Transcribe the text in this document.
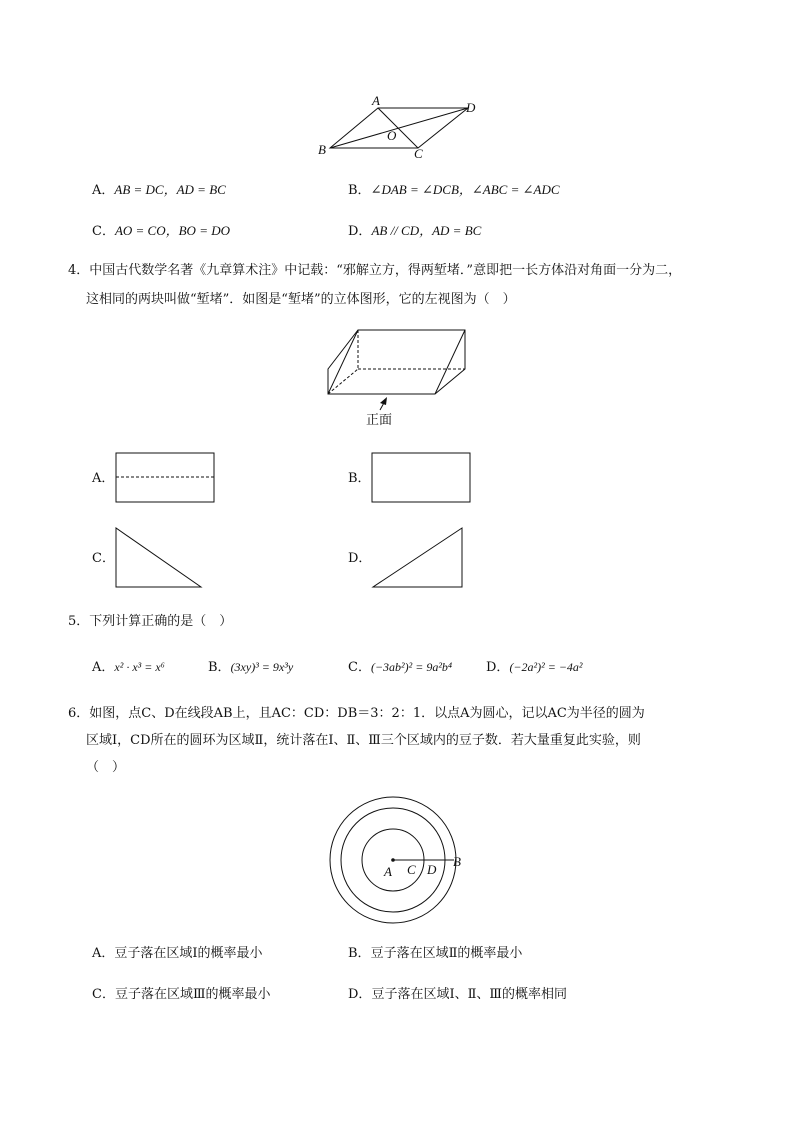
A	D
O
B	C
A．AB = DC，AD = BC	B．∠DAB = ∠DCB，∠ABC = ∠ADC
C．AO = CO，BO = DO	D．AB // CD，AD = BC
4．中国古代数学名著《九章算术注》中记载：“邪解立方，得两堑堵．”意即把一长方体沿对角面一分为二，
这相同的两块叫做“堑堵”．如图是“堑堵”的立体图形，它的左视图为（　）
正面
A．	B．
C．	D．
5．下列计算正确的是（　）
A．x² · x³ = x⁶	B．(3xy)³ = 9x³y	C．(−3ab²)² = 9a²b⁴	D．(−2a²)² = −4a²
6．如图，点C、D在线段AB上，且AC：CD：DB＝3：2：1．以点A为圆心，记以AC为半径的圆为
区域Ⅰ，CD所在的圆环为区域Ⅱ，统计落在Ⅰ、Ⅱ、Ⅲ三个区域内的豆子数．若大量重复此实验，则
（　）
A C D
B
A．豆子落在区域Ⅰ的概率最小	B．豆子落在区域Ⅱ的概率最小
C．豆子落在区域Ⅲ的概率最小	D．豆子落在区域Ⅰ、Ⅱ、Ⅲ的概率相同
